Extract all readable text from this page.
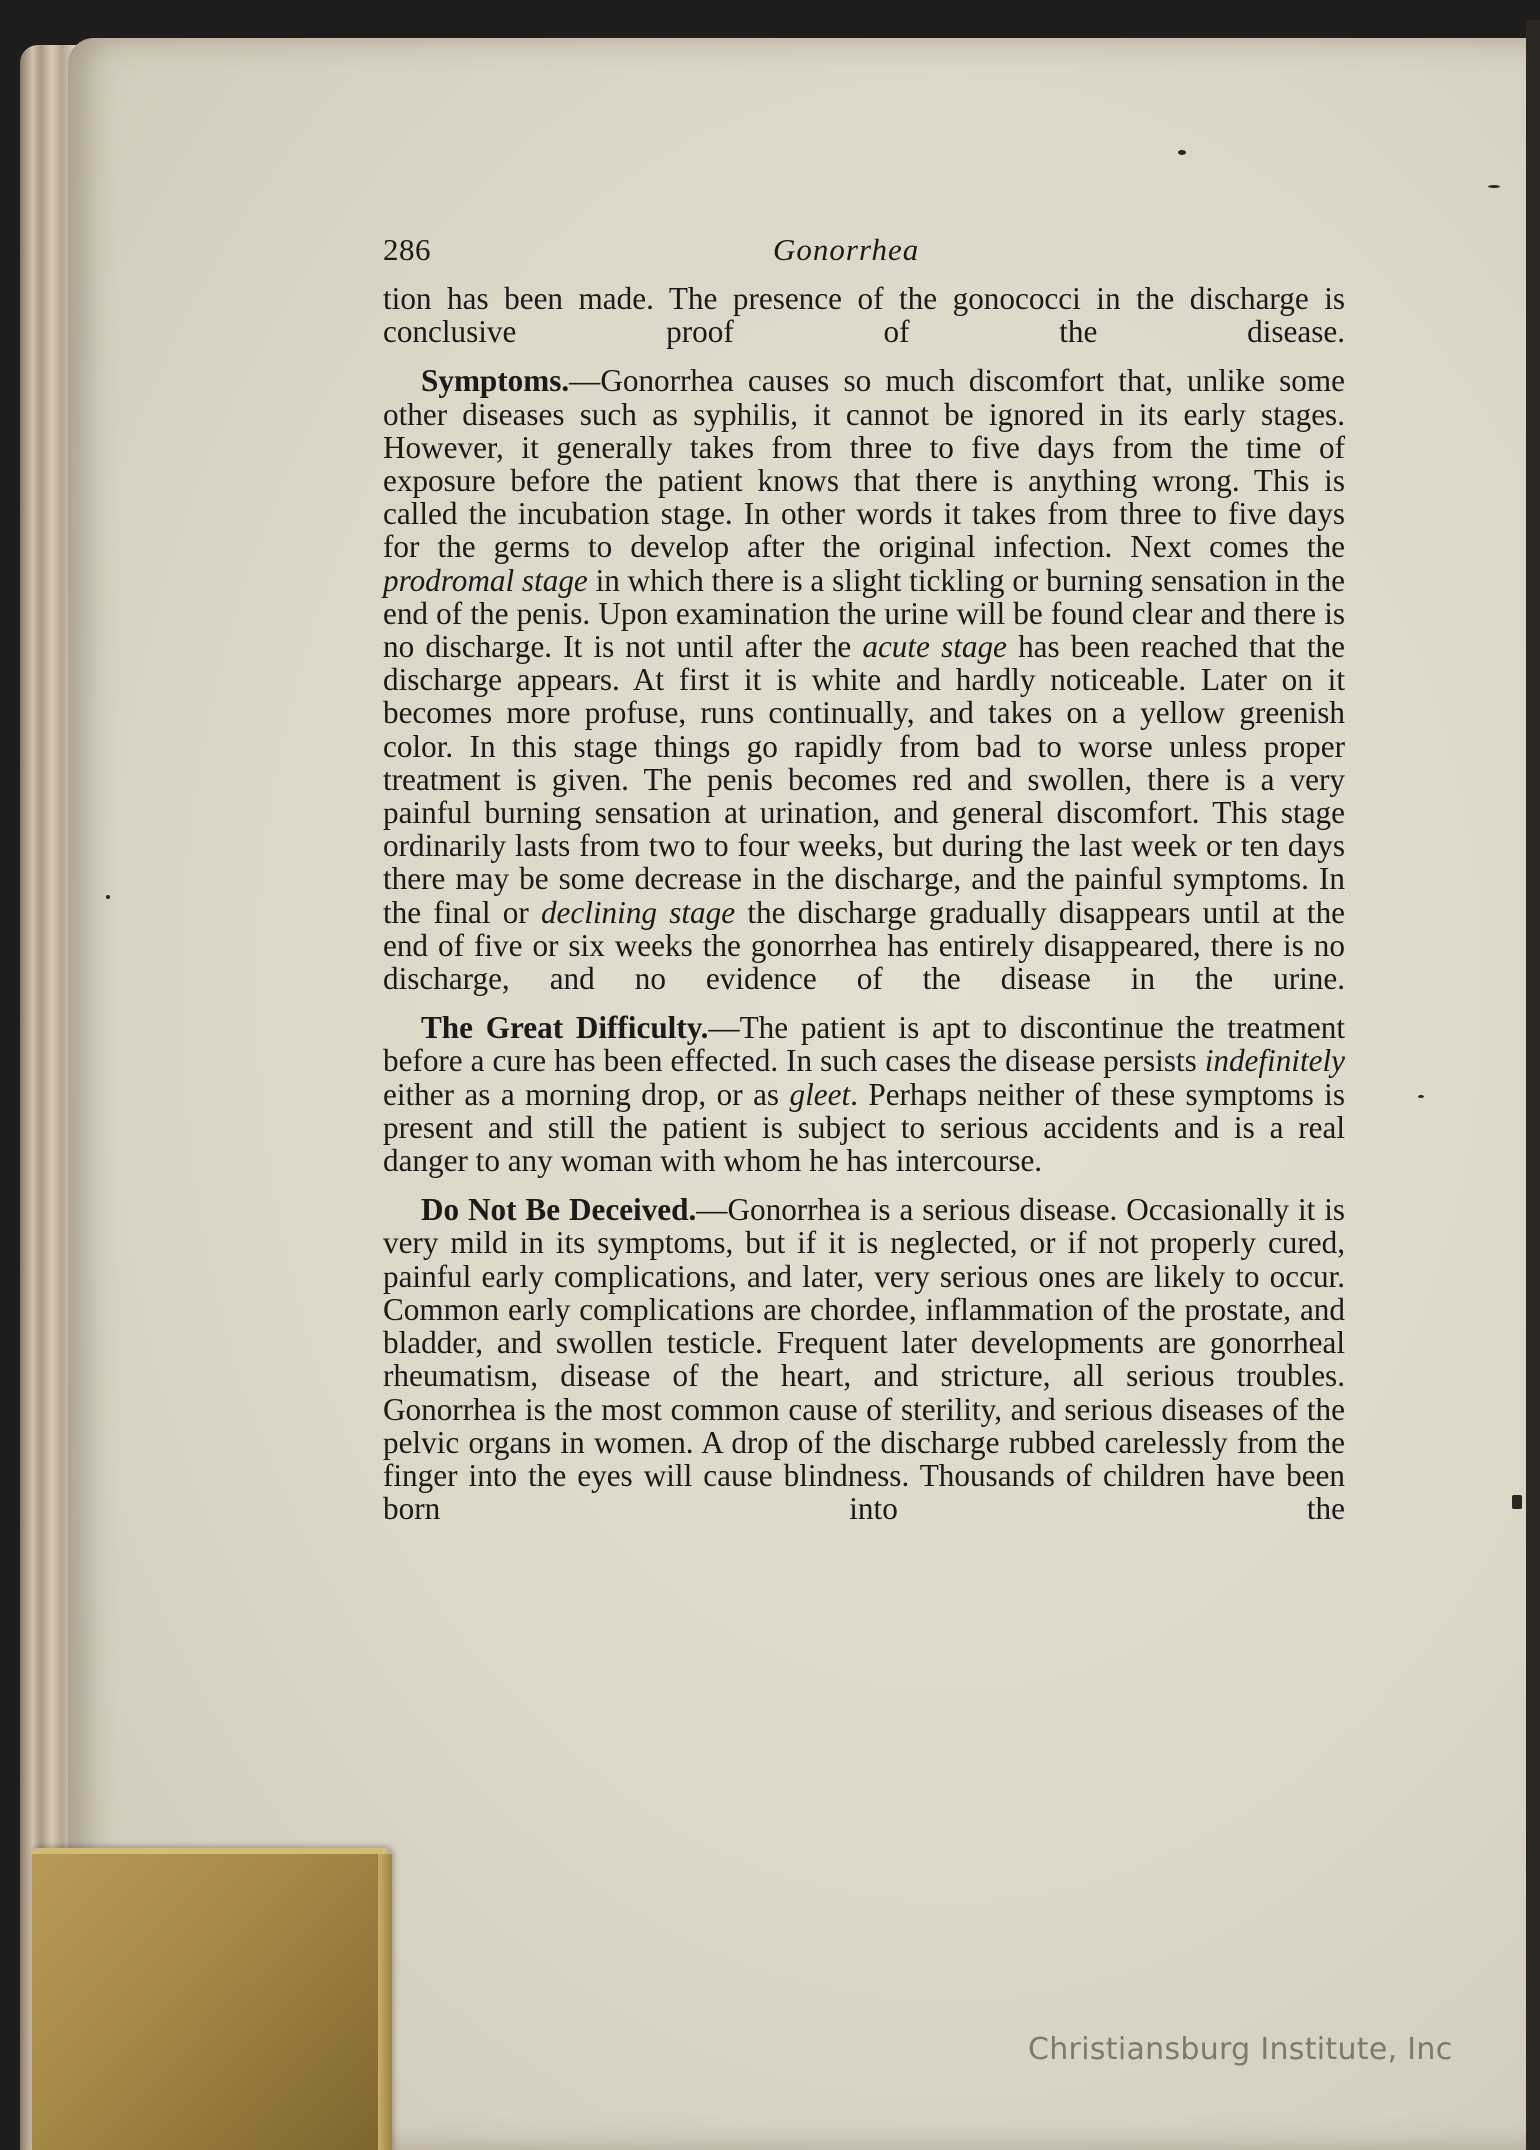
286	Gonorrhea

tion has been made. The presence of the gonococci in the discharge is conclusive proof of the disease.

Symptoms.—Gonorrhea causes so much discomfort that, unlike some other diseases such as syphilis, it cannot be ignored in its early stages. However, it generally takes from three to five days from the time of exposure before the patient knows that there is anything wrong. This is called the incubation stage. In other words it takes from three to five days for the germs to develop after the original infection. Next comes the prodromal stage in which there is a slight tickling or burning sensation in the end of the penis. Upon examination the urine will be found clear and there is no discharge. It is not until after the acute stage has been reached that the discharge appears. At first it is white and hardly noticeable. Later on it becomes more profuse, runs continually, and takes on a yellow greenish color. In this stage things go rapidly from bad to worse unless proper treatment is given. The penis becomes red and swollen, there is a very painful burning sensation at urination, and general discomfort. This stage ordinarily lasts from two to four weeks, but during the last week or ten days there may be some decrease in the discharge, and the painful symptoms. In the final or declining stage the discharge gradually disappears until at the end of five or six weeks the gonorrhea has entirely disappeared, there is no discharge, and no evidence of the disease in the urine.

The Great Difficulty.—The patient is apt to discontinue the treatment before a cure has been effected. In such cases the disease persists indefinitely either as a morning drop, or as gleet. Perhaps neither of these symptoms is present and still the patient is subject to serious accidents and is a real danger to any woman with whom he has intercourse.

Do Not Be Deceived.—Gonorrhea is a serious disease. Occasionally it is very mild in its symptoms, but if it is neglected, or if not properly cured, painful early complications, and later, very serious ones are likely to occur. Common early complications are chordee, inflammation of the prostate, and bladder, and swollen testicle. Frequent later developments are gonorrheal rheumatism, disease of the heart, and stricture, all serious troubles. Gonorrhea is the most common cause of sterility, and serious diseases of the pelvic organs in women. A drop of the discharge rubbed carelessly from the finger into the eyes will cause blindness. Thousands of children have been born into the

Christiansburg Institute, Inc
